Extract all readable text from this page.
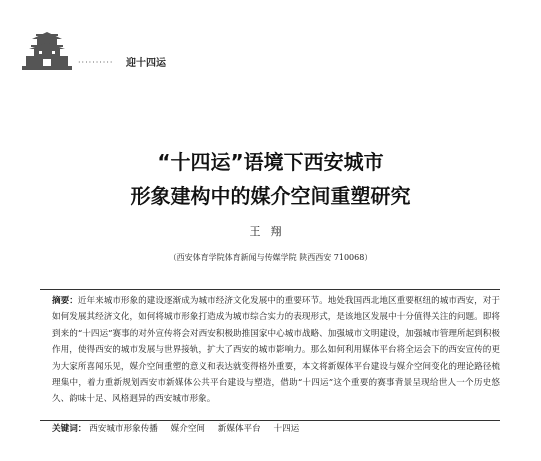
·········· 迎十四运
“十四运”语境下西安城市
形象建构中的媒介空间重塑研究
王翔
（西安体育学院体育新闻与传媒学院 陕西西安 710068）
摘要：近年来城市形象的建设逐渐成为城市经济文化发展中的重要环节。地处我国西北地区重要枢纽的城市西安，对于如何发展其经济文化，如何将城市形象打造成为城市综合实力的表现形式，是该地区发展中十分值得关注的问题。即将到来的“十四运”赛事的对外宣传将会对西安积极助推国家中心城市战略、加强城市文明建设，加强城市管理所起到积极作用，使得西安的城市发展与世界接轨，扩大了西安的城市影响力。那么如何利用媒体平台将全运会下的西安宣传的更为大家所喜闻乐见，媒介空间重塑的意义和表达就变得格外重要，本文将新媒体平台建设与媒介空间变化的理论路径梳理集中，着力重新规划西安市新媒体公共平台建设与塑造，借助“十四运”这个重要的赛事背景呈现给世人一个历史悠久、韵味十足、风格迥异的西安城市形象。
关键词： 西安城市形象传播 媒介空间 新媒体平台 十四运
